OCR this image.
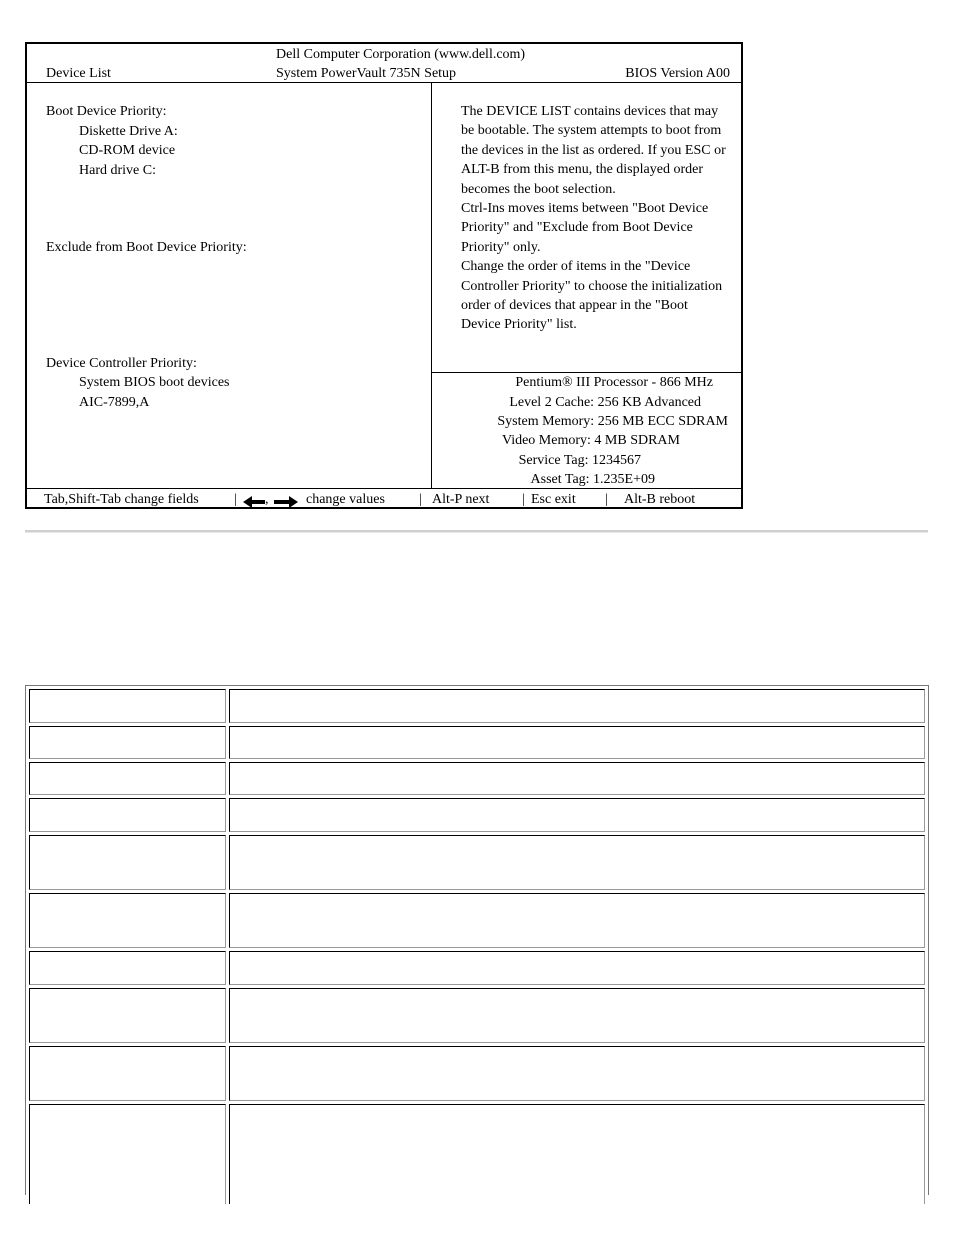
Dell Computer Corporation (www.dell.com)
Device List	System PowerVault 735N Setup	BIOS Version A00
Boot Device Priority:
Diskette Drive A:
CD-ROM device
Hard drive C:
Exclude from Boot Device Priority:
Device Controller Priority:
System BIOS boot devices
AIC-7899,A

The DEVICE LIST contains devices that may be bootable. The system attempts to boot from the devices in the list as ordered. If you ESC or ALT-B from this menu, the displayed order becomes the boot selection.

Ctrl-Ins moves items between "Boot Device Priority" and "Exclude from Boot Device Priority" only.

Change the order of items in the "Device Controller Priority" to choose the initialization order of devices that appear in the "Boot Device Priority" list.

Pentium® III Processor - 866 MHz
Level 2 Cache: 256 KB Advanced
System Memory: 256 MB ECC SDRAM
Video Memory: 4 MB SDRAM
Service Tag: 1234567
Asset Tag: 1.235E+09
Tab,Shift-Tab change fields	| ,	change values | Alt-P next | Esc exit | Alt-B reboot
